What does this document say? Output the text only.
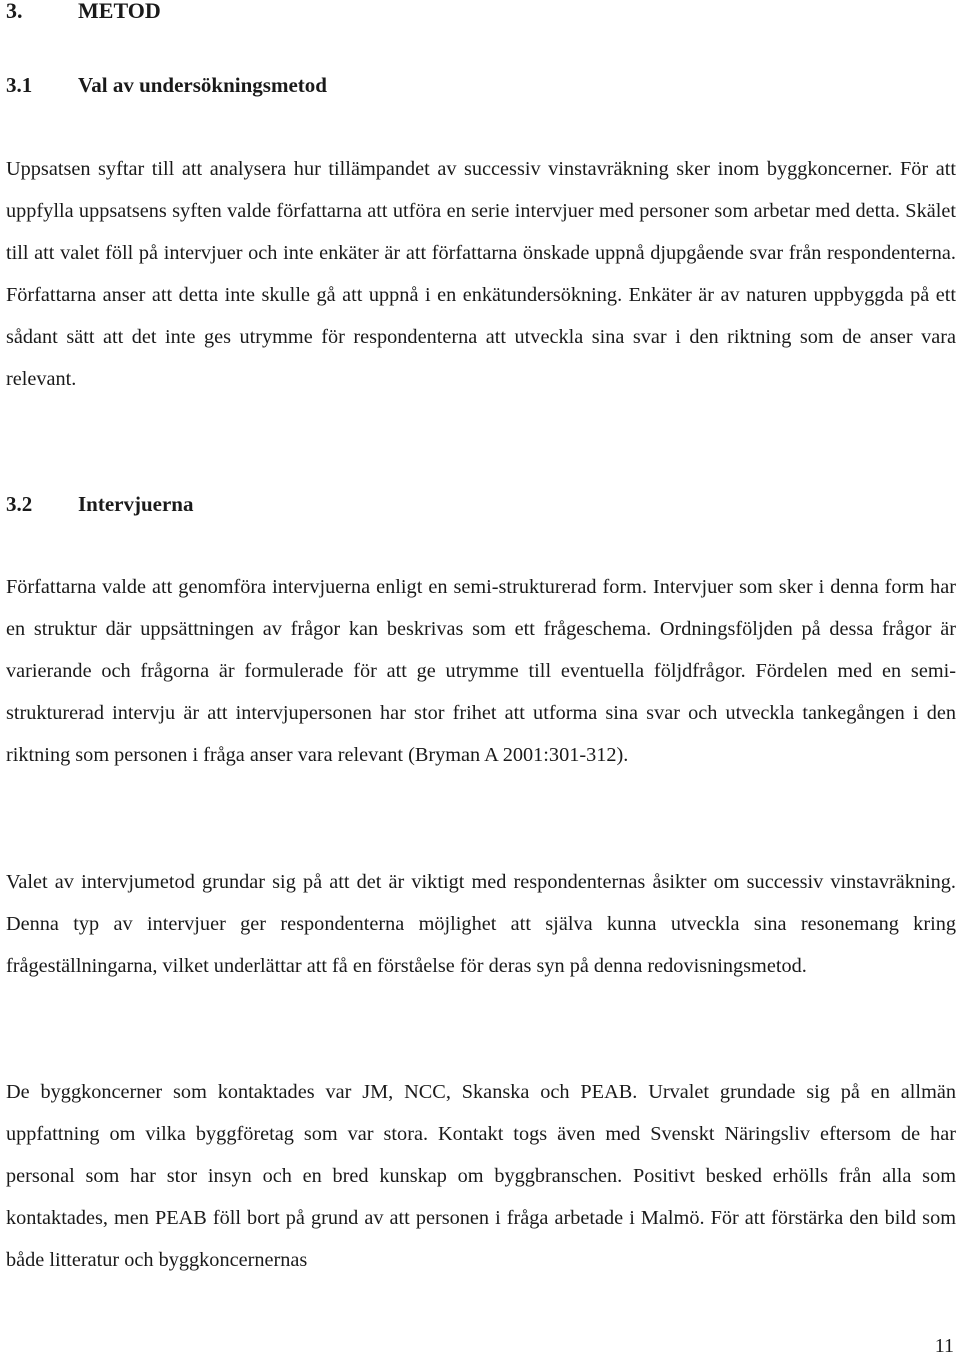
3.	METOD
3.1 Val av undersökningsmetod

Uppsatsen syftar till att analysera hur tillämpandet av successiv vinstavräkning sker inom byggkoncerner. För att uppfylla uppsatsens syften valde författarna att utföra en serie intervjuer med personer som arbetar med detta. Skälet till att valet föll på intervjuer och inte enkäter är att författarna önskade uppnå djupgående svar från respondenterna. Författarna anser att detta inte skulle gå att uppnå i en enkätundersökning. Enkäter är av naturen uppbyggda på ett sådant sätt att det inte ges utrymme för respondenterna att utveckla sina svar i den riktning som de anser vara relevant.

3.2 Intervjuerna

Författarna valde att genomföra intervjuerna enligt en semi-strukturerad form. Intervjuer som sker i denna form har en struktur där uppsättningen av frågor kan beskrivas som ett frågeschema. Ordningsföljden på dessa frågor är varierande och frågorna är formulerade för att ge utrymme till eventuella följdfrågor. Fördelen med en semi-strukturerad intervju är att intervjupersonen har stor frihet att utforma sina svar och utveckla tankegången i den riktning som personen i fråga anser vara relevant (Bryman A 2001:301-312).

Valet av intervjumetod grundar sig på att det är viktigt med respondenternas åsikter om successiv vinstavräkning. Denna typ av intervjuer ger respondenterna möjlighet att själva kunna utveckla sina resonemang kring frågeställningarna, vilket underlättar att få en förståelse för deras syn på denna redovisningsmetod.

De byggkoncerner som kontaktades var JM, NCC, Skanska och PEAB. Urvalet grundade sig på en allmän uppfattning om vilka byggföretag som var stora. Kontakt togs även med Svenskt Näringsliv eftersom de har personal som har stor insyn och en bred kunskap om byggbranschen. Positivt besked erhölls från alla som kontaktades, men PEAB föll bort på grund av att personen i fråga arbetade i Malmö. För att förstärka den bild som både litteratur och byggkoncernernas

11
